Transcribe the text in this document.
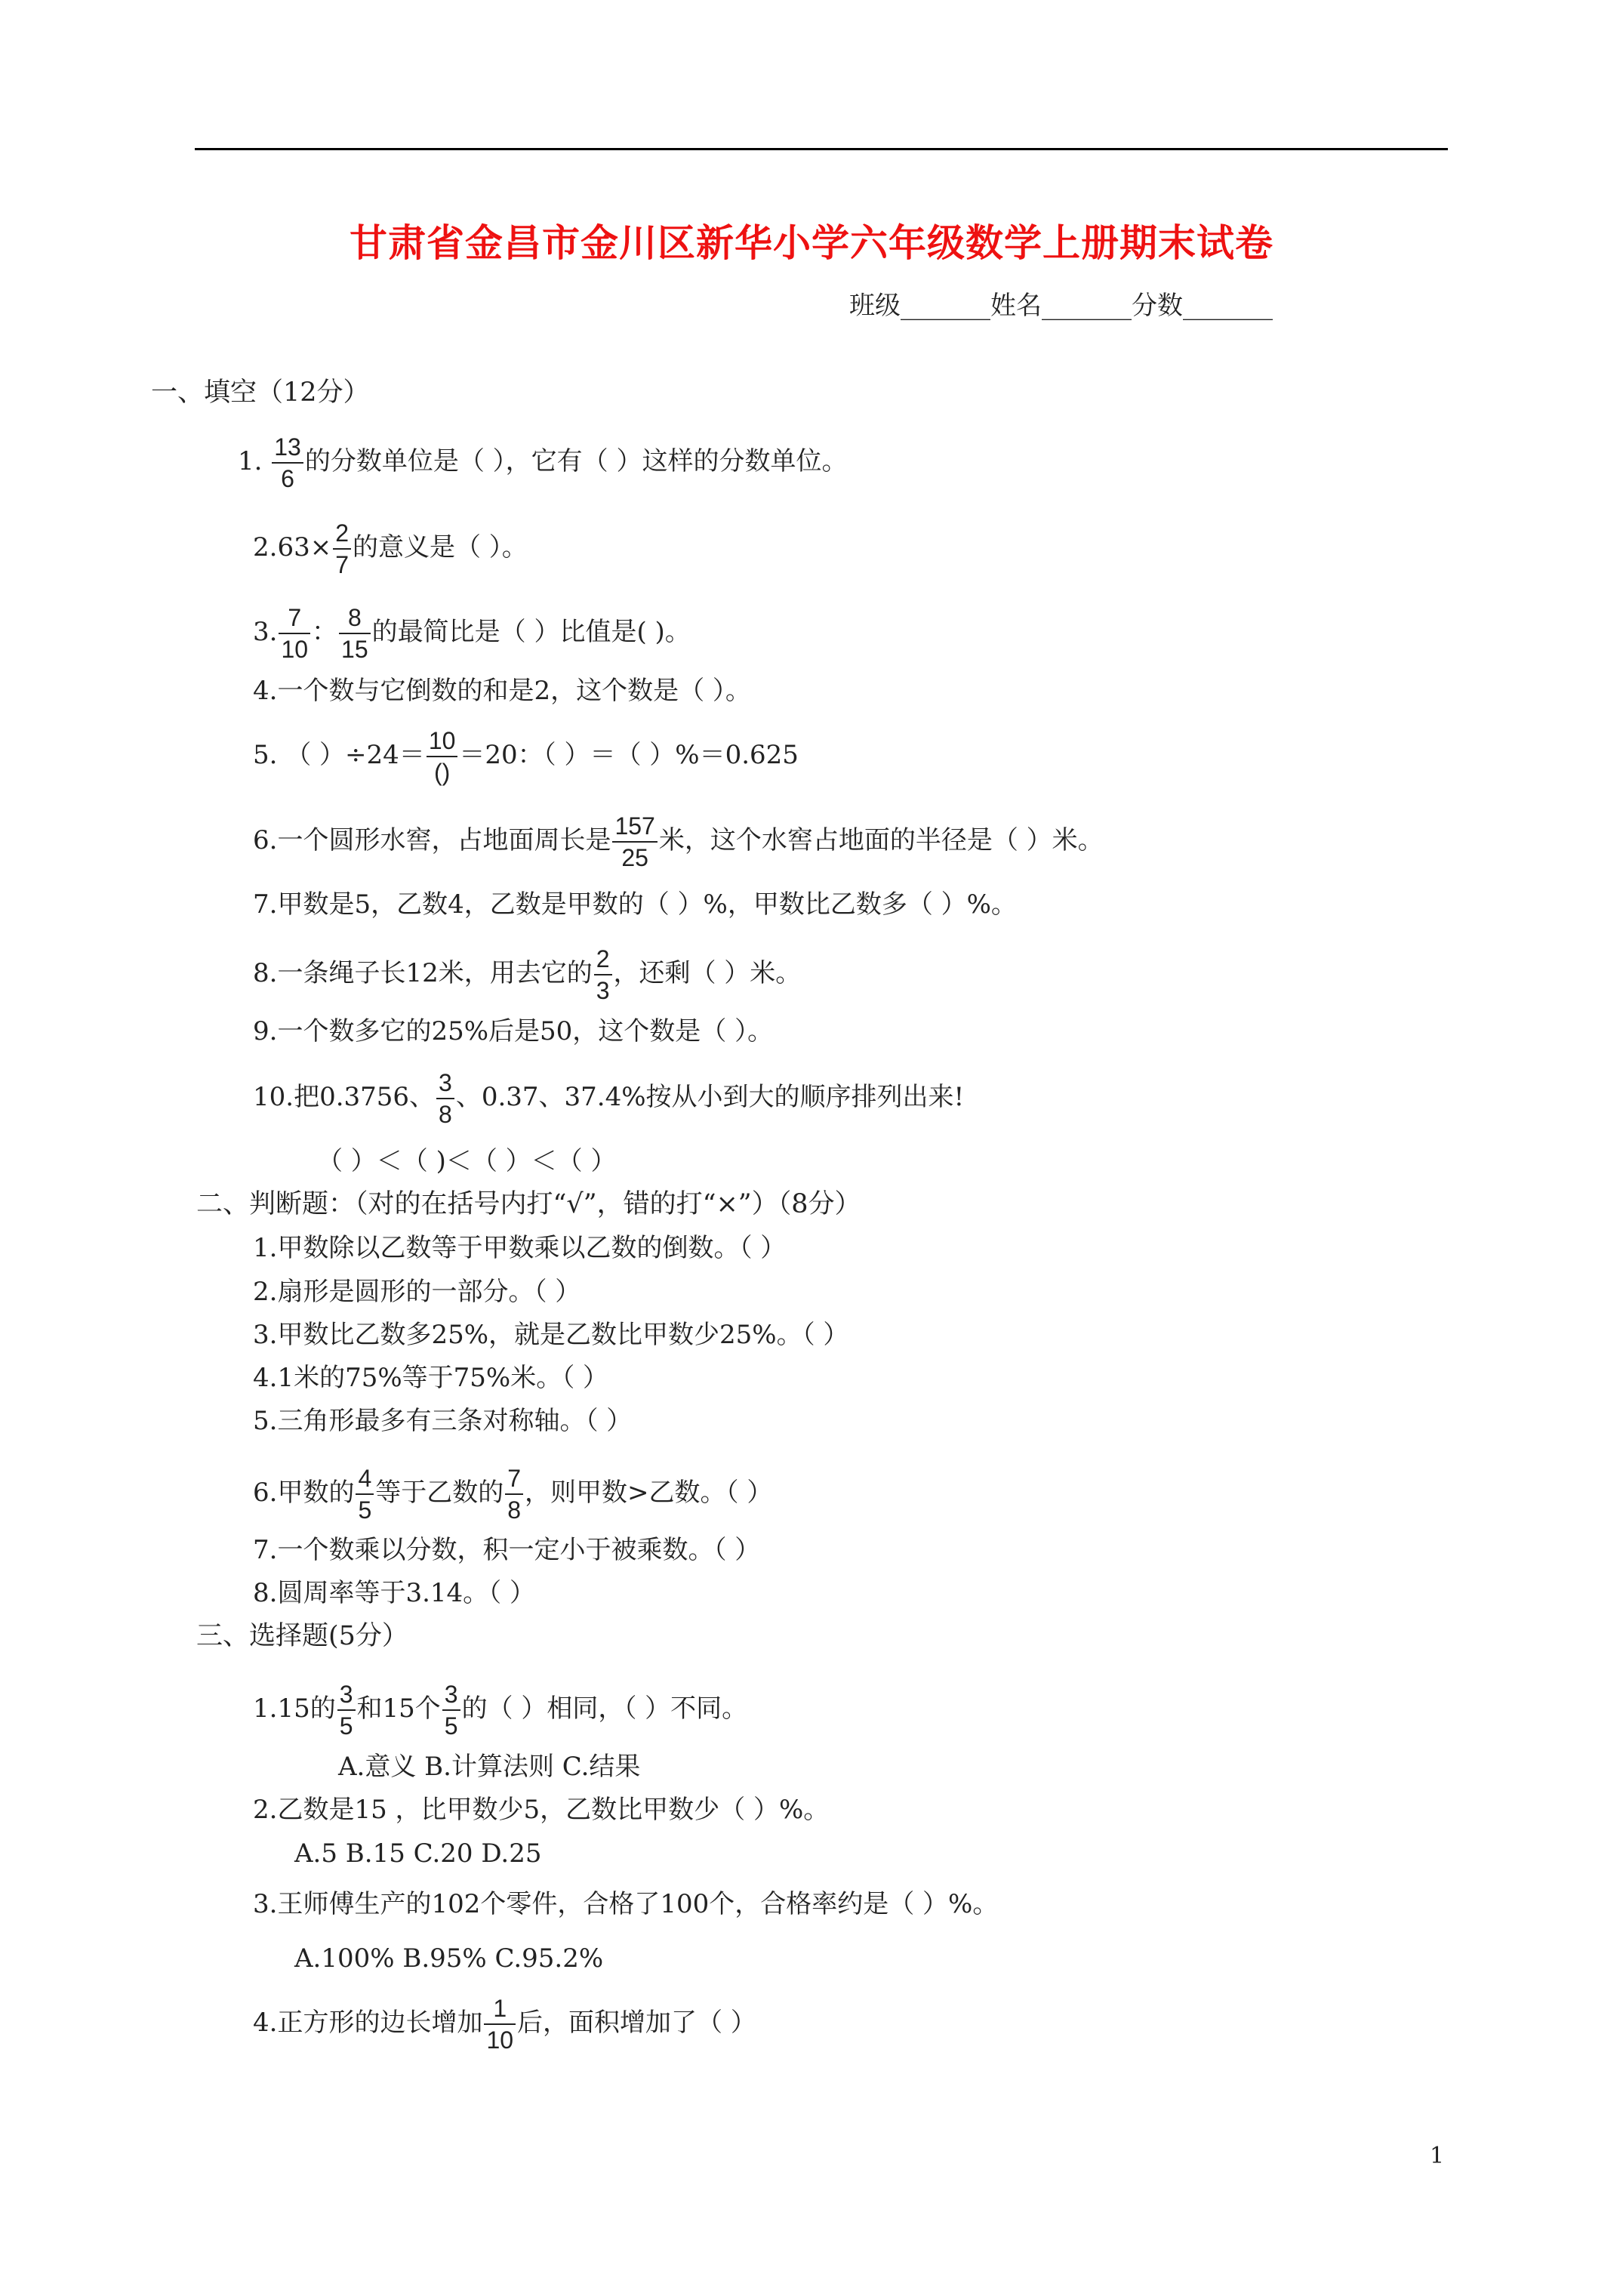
甘肃省金昌市金川区新华小学六年级数学上册期末试卷
班级_______姓名_______分数_______
一、填空（12分）
1. $\frac{13}{6}$ 的分数单位是（ ），它有（ ）这样的分数单位。
$2.63\times \frac{2}{7}$ 的意义是（ ）。
3. $\frac{7}{10}$ ： $\frac{8}{15}$ 的最简比是（ ）比值是( )。
4.一个数与它倒数的和是2，这个数是（ ）。
5. （ ）$\div 24= \frac{10}{()} =20$：（ ）＝（ ）%＝0.625
6.一个圆形水窖，占地面周长是 $\frac{157}{25}$ 米，这个水窖占地面的半径是（ ）米。
7.甲数是5，乙数4，乙数是甲数的（ ）%，甲数比乙数多（ ）%。
8.一条绳子长12米，用去它的 $\frac{2}{3}$ ，还剩（ ）米。
9.一个数多它的25%后是50，这个数是（ ）。
10.把0.3756、 $\frac{3}{8}$ 、0.37、37.4%按从小到大的顺序排列出来!
（ ）＜（ )＜（ ）＜（ ）
二、判断题：（对的在括号内打“√”，错的打“×”）（8分）
1.甲数除以乙数等于甲数乘以乙数的倒数。（ ）
2.扇形是圆形的一部分。（ ）
3.甲数比乙数多25%，就是乙数比甲数少25%。（ ）
4.1米的75%等于75%米。（ ）
5.三角形最多有三条对称轴。（ ）
6.甲数的 $\frac{4}{5}$ 等于乙数的 $\frac{7}{8}$ ，则甲数>乙数。（ ）
7.一个数乘以分数，积一定小于被乘数。（ ）
8.圆周率等于3.14。（ ）
三、选择题(5分）
1.15的 $\frac{3}{5}$ 和15个 $\frac{3}{5}$ 的（ ）相同，（ ）不同。
A.意义 B.计算法则 C.结果
2.乙数是15 ，比甲数少5，乙数比甲数少（ ）%。
A.5 B.15 C.20 D.25
3.王师傅生产的102个零件，合格了100个，合格率约是（ ）%。
A.100% B.95% C.95.2%
4.正方形的边长增加 $\frac{1}{10}$ 后，面积增加了（ ）
1
